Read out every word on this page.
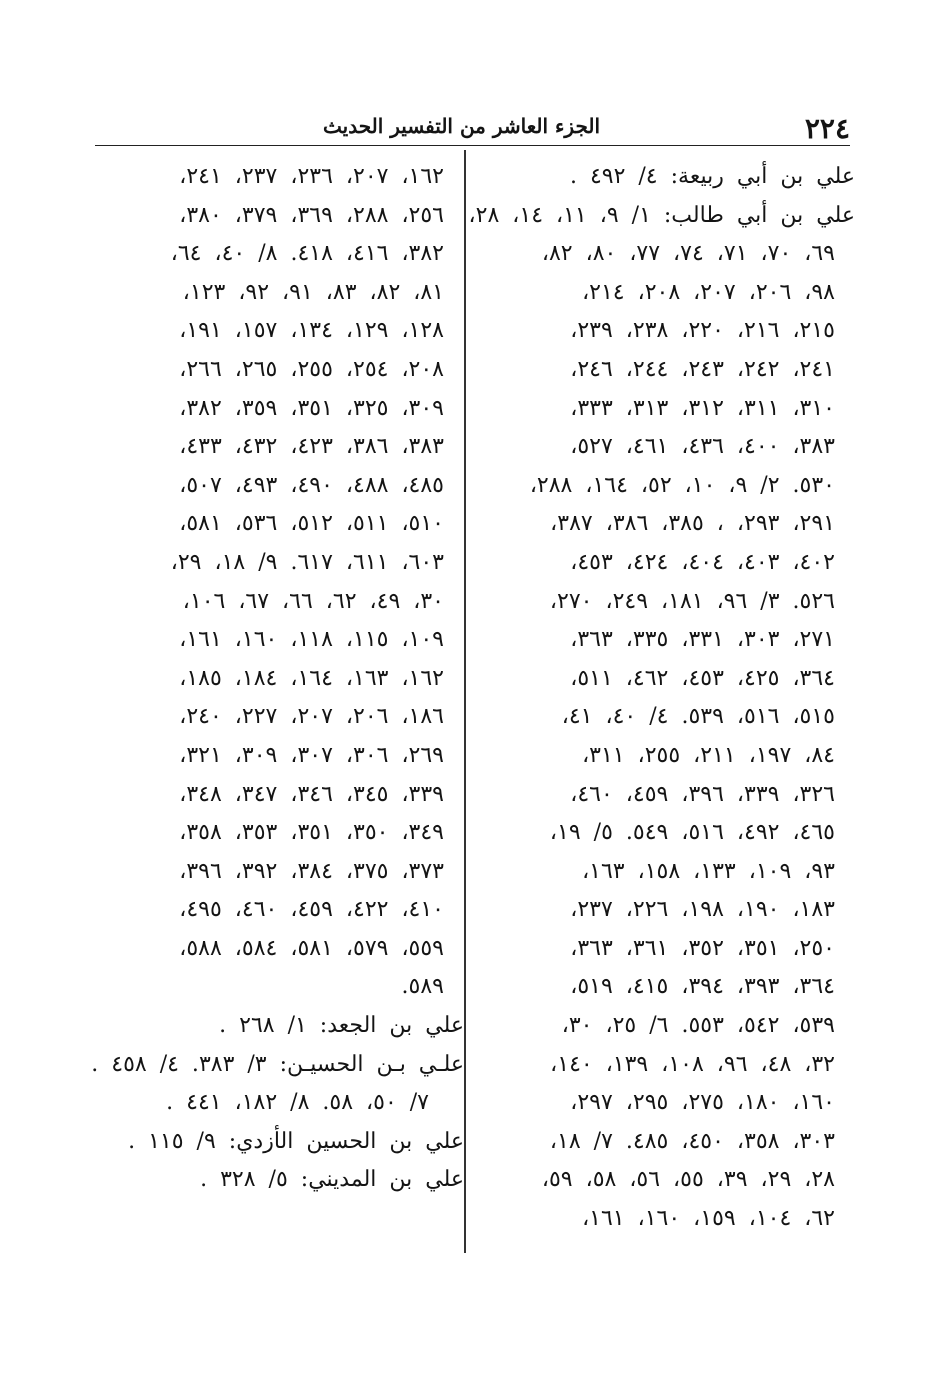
٢٢٤
الجزء العاشر من التفسير الحديث
علي بن أبي ربيعة: ٤/ ٤٩٢ .
علي بن أبي طالب: ١/ ٩، ١١، ١٤، ٢٨،
٦٩، ٧٠، ٧١، ٧٤، ٧٧، ٨٠، ٨٢،
٩٨، ٢٠٦، ٢٠٧، ٢٠٨، ٢١٤،
٢١٥، ٢١٦، ٢٢٠، ٢٣٨، ٢٣٩،
٢٤١، ٢٤٢، ٢٤٣، ٢٤٤، ٢٤٦،
٣١٠، ٣١١، ٣١٢، ٣١٣، ٣٣٣،
٣٨٣، ٤٠٠، ٤٣٦، ٤٦١، ٥٢٧،
٥٣٠. ٢/ ٩، ١٠، ٥٢، ١٦٤، ٢٨٨،
٢٩١، ٢٩٣، ، ٣٨٥، ٣٨٦، ٣٨٧،
٤٠٢، ٤٠٣، ٤٠٤، ٤٢٤، ٤٥٣،
٥٢٦. ٣/ ٩٦، ١٨١، ٢٤٩، ٢٧٠،
٢٧١، ٣٠٣، ٣٣١، ٣٣٥، ٣٦٣،
٣٦٤، ٤٢٥، ٤٥٣، ٤٦٢، ٥١١،
٥١٥، ٥١٦، ٥٣٩. ٤/ ٤٠، ٤١،
٨٤، ١٩٧، ٢١١، ٢٥٥، ٣١١،
٣٢٦، ٣٣٩، ٣٩٦، ٤٥٩، ٤٦٠،
٤٦٥، ٤٩٢، ٥١٦، ٥٤٩. ٥/ ١٩،
٩٣، ١٠٩، ١٣٣، ١٥٨، ١٦٣،
١٨٣، ١٩٠، ١٩٨، ٢٢٦، ٢٣٧،
٢٥٠، ٣٥١، ٣٥٢، ٣٦١، ٣٦٣،
٣٦٤، ٣٩٣، ٣٩٤، ٤١٥، ٥١٩،
٥٣٩، ٥٤٢، ٥٥٣. ٦/ ٢٥، ٣٠،
٣٢، ٤٨، ٩٦، ١٠٨، ١٣٩، ١٤٠،
١٦٠، ١٨٠، ٢٧٥، ٢٩٥، ٢٩٧،
٣٠٣، ٣٥٨، ٤٥٠، ٤٨٥. ٧/ ١٨،
٢٨، ٢٩، ٣٩، ٥٥، ٥٦، ٥٨، ٥٩،
٦٢، ١٠٤، ١٥٩، ١٦٠، ١٦١،
١٦٢، ٢٠٧، ٢٣٦، ٢٣٧، ٢٤١،
٢٥٦، ٢٨٨، ٣٦٩، ٣٧٩، ٣٨٠،
٣٨٢، ٤١٦، ٤١٨. ٨/ ٤٠، ٦٤،
٨١، ٨٢، ٨٣، ٩١، ٩٢، ١٢٣،
١٢٨، ١٢٩، ١٣٤، ١٥٧، ١٩١،
٢٠٨، ٢٥٤، ٢٥٥، ٢٦٥، ٢٦٦،
٣٠٩، ٣٢٥، ٣٥١، ٣٥٩، ٣٨٢،
٣٨٣، ٣٨٦، ٤٢٣، ٤٣٢، ٤٣٣،
٤٨٥، ٤٨٨، ٤٩٠، ٤٩٣، ٥٠٧،
٥١٠، ٥١١، ٥١٢، ٥٣٦، ٥٨١،
٦٠٣، ٦١١، ٦١٧. ٩/ ١٨، ٢٩،
٣٠، ٤٩، ٦٢، ٦٦، ٦٧، ١٠٦،
١٠٩، ١١٥، ١١٨، ١٦٠، ١٦١،
١٦٢، ١٦٣، ١٦٤، ١٨٤، ١٨٥،
١٨٦، ٢٠٦، ٢٠٧، ٢٢٧، ٢٤٠،
٢٦٩، ٣٠٦، ٣٠٧، ٣٠٩، ٣٢١،
٣٣٩، ٣٤٥، ٣٤٦، ٣٤٧، ٣٤٨،
٣٤٩، ٣٥٠، ٣٥١، ٣٥٣، ٣٥٨،
٣٧٣، ٣٧٥، ٣٨٤، ٣٩٢، ٣٩٦،
٤١٠، ٤٢٢، ٤٥٩، ٤٦٠، ٤٩٥،
٥٥٩، ٥٧٩، ٥٨١، ٥٨٤، ٥٨٨،
٥٨٩.
علي بن الجعد: ١/ ٢٦٨ .
علـي بـن الحسيـن: ٣/ ٣٨٣. ٤/ ٤٥٨ .
٧/ ٥٠، ٥٨. ٨/ ١٨٢، ٤٤١ .
علي بن الحسين الأزدي: ٩/ ١١٥ .
علي بن المديني: ٥/ ٣٢٨ .
